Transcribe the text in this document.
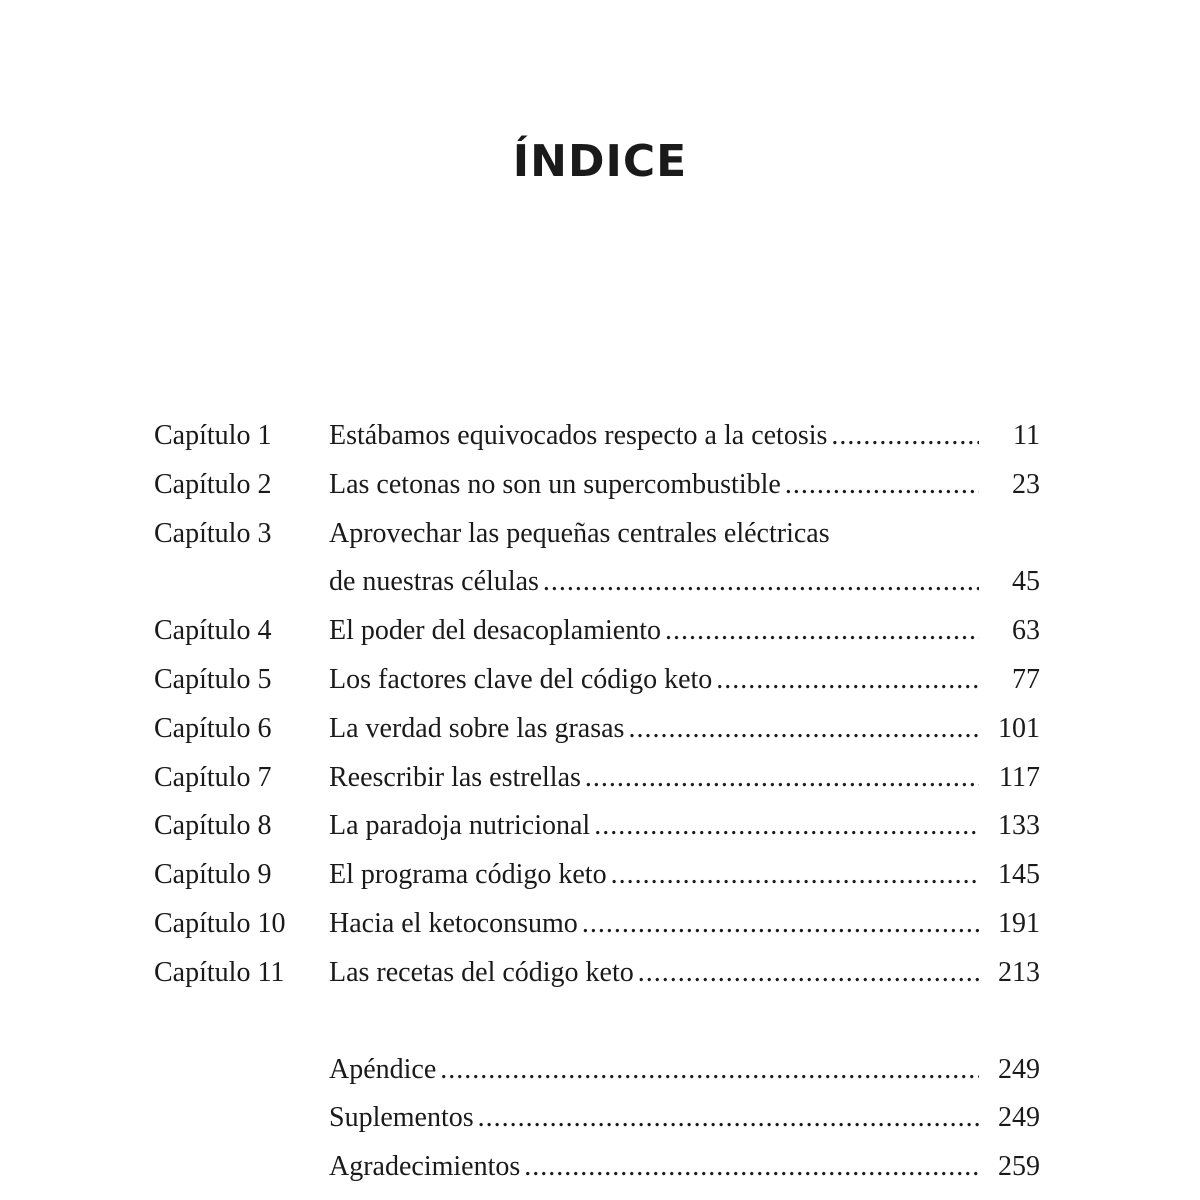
ÍNDICE
Capítulo 1 Estábamos equivocados respecto a la cetosis .....	11
Capítulo 2 Las cetonas no son un supercombustible .....	23
Capítulo 3 Aprovechar las pequeñas centrales eléctricas
de nuestras células .....	45
Capítulo 4 El poder del desacoplamiento .....	63
Capítulo 5 Los factores clave del código keto .....	77
Capítulo 6 La verdad sobre las grasas .....	101
Capítulo 7 Reescribir las estrellas .....	117
Capítulo 8 La paradoja nutricional .....	133
Capítulo 9 El programa código keto .....	145
Capítulo 10 Hacia el ketoconsumo .....	191
Capítulo 11 Las recetas del código keto .....	213
Apéndice .....	249
Suplementos .....	249
Agradecimientos .....	259
